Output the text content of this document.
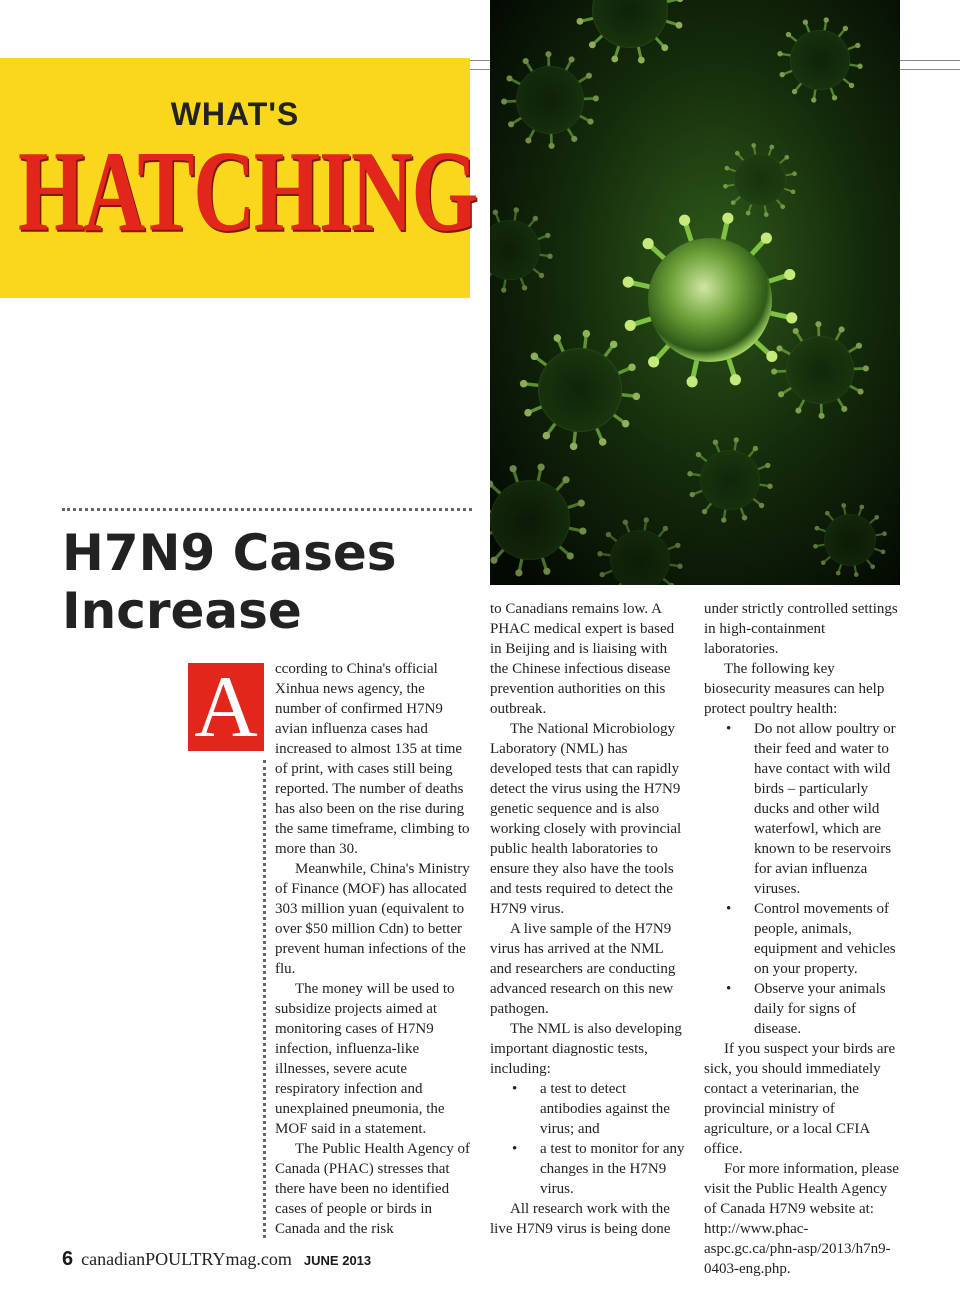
WHAT'S
HATCHING
H7N9 Cases
Increase
A	ccording to China's official Xinhua news agency, the number of confirmed H7N9 avian influenza cases had increased to almost 135 at time of print, with cases still being reported. The number of deaths has also been on the rise during the same timeframe, climbing to more than 30.

Meanwhile, China's Ministry of Finance (MOF) has allocated 303 million yuan (equivalent to over $50 million Cdn) to better prevent human infections of the flu.

The money will be used to subsidize projects aimed at monitoring cases of H7N9 infection, influenza-like illnesses, severe acute respiratory infection and unexplained pneumonia, the MOF said in a statement.

The Public Health Agency of Canada (PHAC) stresses that there have been no identified cases of people or birds in Canada and the risk

to Canadians remains low. A PHAC medical expert is based in Beijing and is liaising with the Chinese infectious disease prevention authorities on this outbreak.

The National Microbiology Laboratory (NML) has developed tests that can rapidly detect the virus using the H7N9 genetic sequence and is also working closely with provincial public health laboratories to ensure they also have the tools and tests required to detect the H7N9 virus.

A live sample of the H7N9 virus has arrived at the NML and researchers are conducting advanced research on this new pathogen.

The NML is also developing important diagnostic tests, including:

• a test to detect antibodies against the virus; and
• a test to monitor for any changes in the H7N9 virus.

All research work with the live H7N9 virus is being done

under strictly controlled settings in high-containment laboratories.

The following key biosecurity measures can help protect poultry health:

• Do not allow poultry or their feed and water to have contact with wild birds – particularly ducks and other wild waterfowl, which are known to be reservoirs for avian influenza viruses.
• Control movements of people, animals, equipment and vehicles on your property.
• Observe your animals daily for signs of disease.

If you suspect your birds are sick, you should immediately contact a veterinarian, the provincial ministry of agriculture, or a local CFIA office.

For more information, please visit the Public Health Agency of Canada H7N9 website at: http://www.phac-aspc.gc.ca/phn-asp/2013/h7n9-0403-eng.php.

6 canadianPOULTRYmag.com JUNE 2013
